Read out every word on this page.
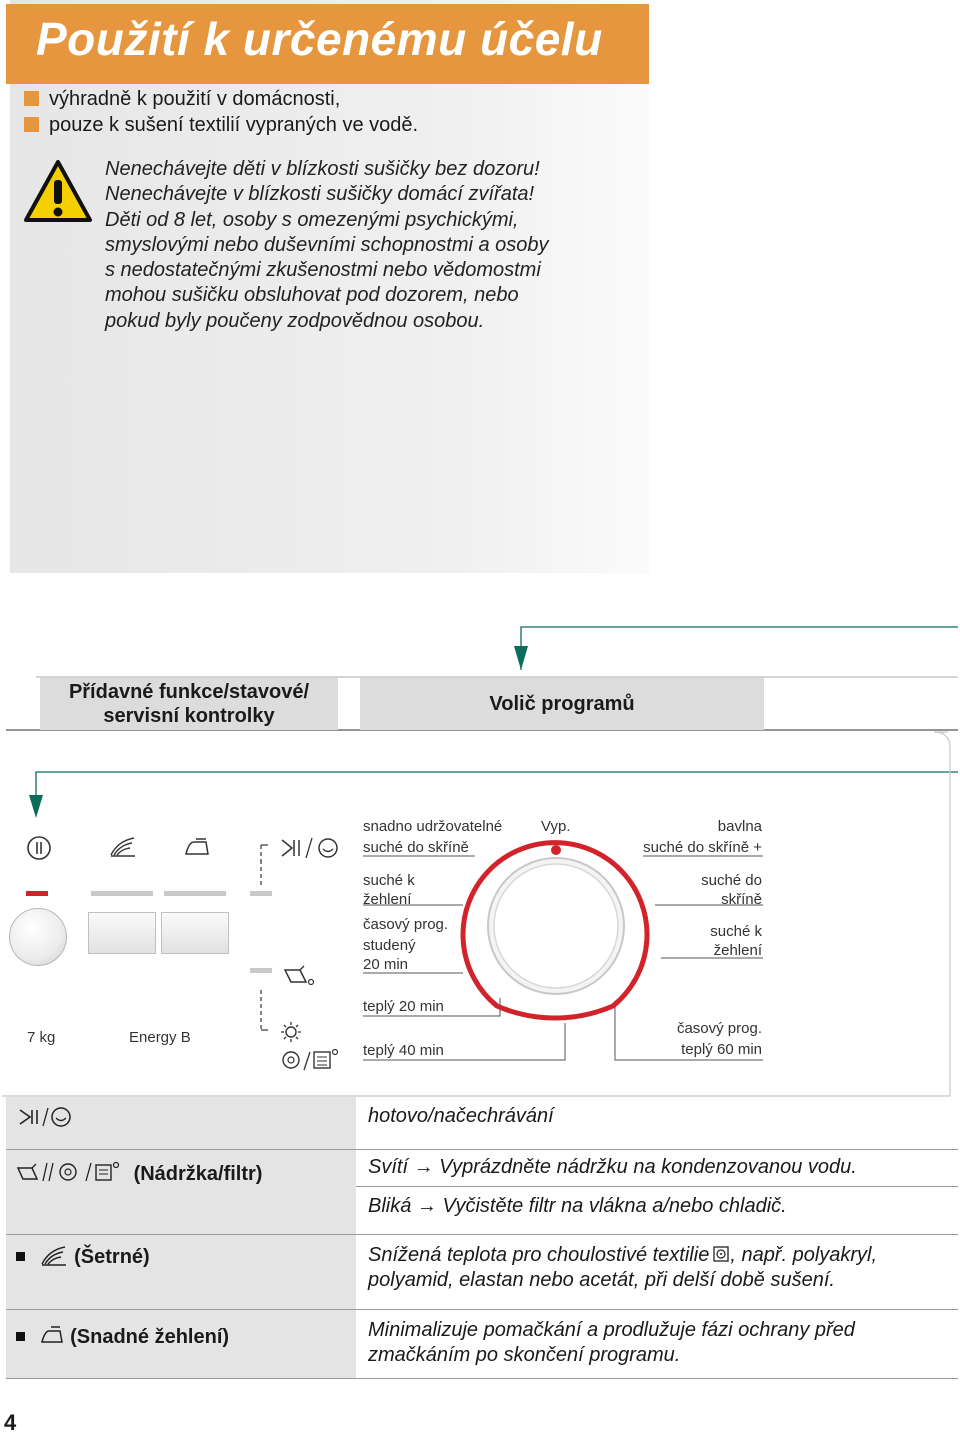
Použití k určenému účelu
výhradně k použití v domácnosti,
pouze k sušení textilií vypraných ve vodě.
Nenechávejte děti v blízkosti sušičky bez dozoru!
Nenechávejte v blízkosti sušičky domácí zvířata!
Děti od 8 let, osoby s omezenými psychickými,
smyslovými nebo duševními schopnostmi a osoby
s nedostatečnými zkušenostmi nebo vědomostmi
mohou sušičku obsluhovat pod dozorem, nebo
pokud byly poučeny zodpovědnou osobou.
Přídavné funkce/stavové/
servisní kontrolky
Volič programů
7 kg	Energy B
snadno udržovatelné
suché do skříně
Vyp.
suché k
žehlení
časový prog.
studený
20 min
teplý 20 min
teplý 40 min
bavlna
suché do skříně +
suché do
skříně
suché k
žehlení
časový prog.
teplý 60 min
	hotovo/načechrávání
(Nádržka/filtr)	Svítí → Vyprázdněte nádržku na kondenzovanou vodu.
Bliká → Vyčistěte filtr na vlákna a/nebo chladič.

(Šetrné)	Snížená teplota pro choulostivé textilie , např. polyakryl,
polyamid, elastan nebo acetát, při delší době sušení.

(Snadné žehlení)	Minimalizuje pomačkání a prodlužuje fázi ochrany před
zmačkáním po skončení programu.
4
